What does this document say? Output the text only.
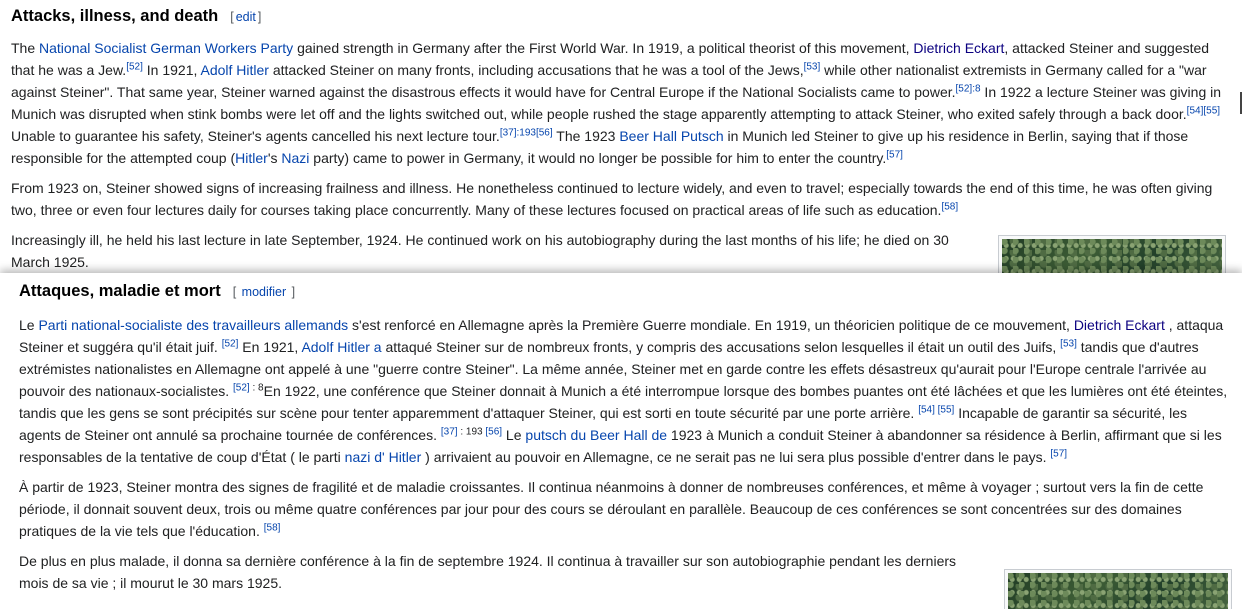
Attacks, illness, and death [ edit ]

The National Socialist German Workers Party gained strength in Germany after the First World War. In 1919, a political theorist of this movement, Dietrich Eckart, attacked Steiner and suggested that he was a Jew.[52] In 1921, Adolf Hitler attacked Steiner on many fronts, including accusations that he was a tool of the Jews,[53] while other nationalist extremists in Germany called for a "war against Steiner". That same year, Steiner warned against the disastrous effects it would have for Central Europe if the National Socialists came to power.$^{[52]:8}$ In 1922 a lecture Steiner was giving in Munich was disrupted when stink bombs were let off and the lights switched out, while people rushed the stage apparently attempting to attack Steiner, who exited safely through a back door.[54][55] Unable to guarantee his safety, Steiner's agents cancelled his next lecture tour.[37]:193[56] The 1923 Beer Hall Putsch in Munich led Steiner to give up his residence in Berlin, saying that if those responsible for the attempted coup (Hitler's Nazi party) came to power in Germany, it would no longer be possible for him to enter the country.[57]

From 1923 on, Steiner showed signs of increasing frailness and illness. He nonetheless continued to lecture widely, and even to travel; especially towards the end of this time, he was often giving two, three or even four lectures daily for courses taking place concurrently. Many of these lectures focused on practical areas of life such as education.[58]

Increasingly ill, he held his last lecture in late September, 1924. He continued work on his autobiography during the last months of his life; he died on 30 March 1925.

Attaques, maladie et mort [ modifier ]

Le Parti national-socialiste des travailleurs allemands s'est renforcé en Allemagne après la Première Guerre mondiale. En 1919, un théoricien politique de ce mouvement, Dietrich Eckart , attaqua Steiner et suggéra qu'il était juif. [52] En 1921, Adolf Hitler a attaqué Steiner sur de nombreux fronts, y compris des accusations selon lesquelles il était un outil des Juifs, [53] tandis que d'autres extrémistes nationalistes en Allemagne ont appelé à une "guerre contre Steiner". La même année, Steiner met en garde contre les effets désastreux qu'aurait pour l'Europe centrale l'arrivée au pouvoir des nationaux-socialistes. [52] $^{: 8}$En 1922, une conférence que Steiner donnait à Munich a été interrompue lorsque des bombes puantes ont été lâchées et que les lumières ont été éteintes, tandis que les gens se sont précipités sur scène pour tenter apparemment d'attaquer Steiner, qui est sorti en toute sécurité par une porte arrière. [54] [55] Incapable de garantir sa sécurité, les agents de Steiner ont annulé sa prochaine tournée de conférences. [37] $^{: 193}$ [56] Le putsch du Beer Hall de 1923 à Munich a conduit Steiner à abandonner sa résidence à Berlin, affirmant que si les responsables de la tentative de coup d'État ( le parti nazi d' Hitler ) arrivaient au pouvoir en Allemagne, ce ne serait pas ne lui sera plus possible d'entrer dans le pays. [57]

À partir de 1923, Steiner montra des signes de fragilité et de maladie croissantes. Il continua néanmoins à donner de nombreuses conférences, et même à voyager ; surtout vers la fin de cette période, il donnait souvent deux, trois ou même quatre conférences par jour pour des cours se déroulant en parallèle. Beaucoup de ces conférences se sont concentrées sur des domaines pratiques de la vie tels que l'éducation. [58]

De plus en plus malade, il donna sa dernière conférence à la fin de septembre 1924. Il continua à travailler sur son autobiographie pendant les derniers mois de sa vie ; il mourut le 30 mars 1925.
